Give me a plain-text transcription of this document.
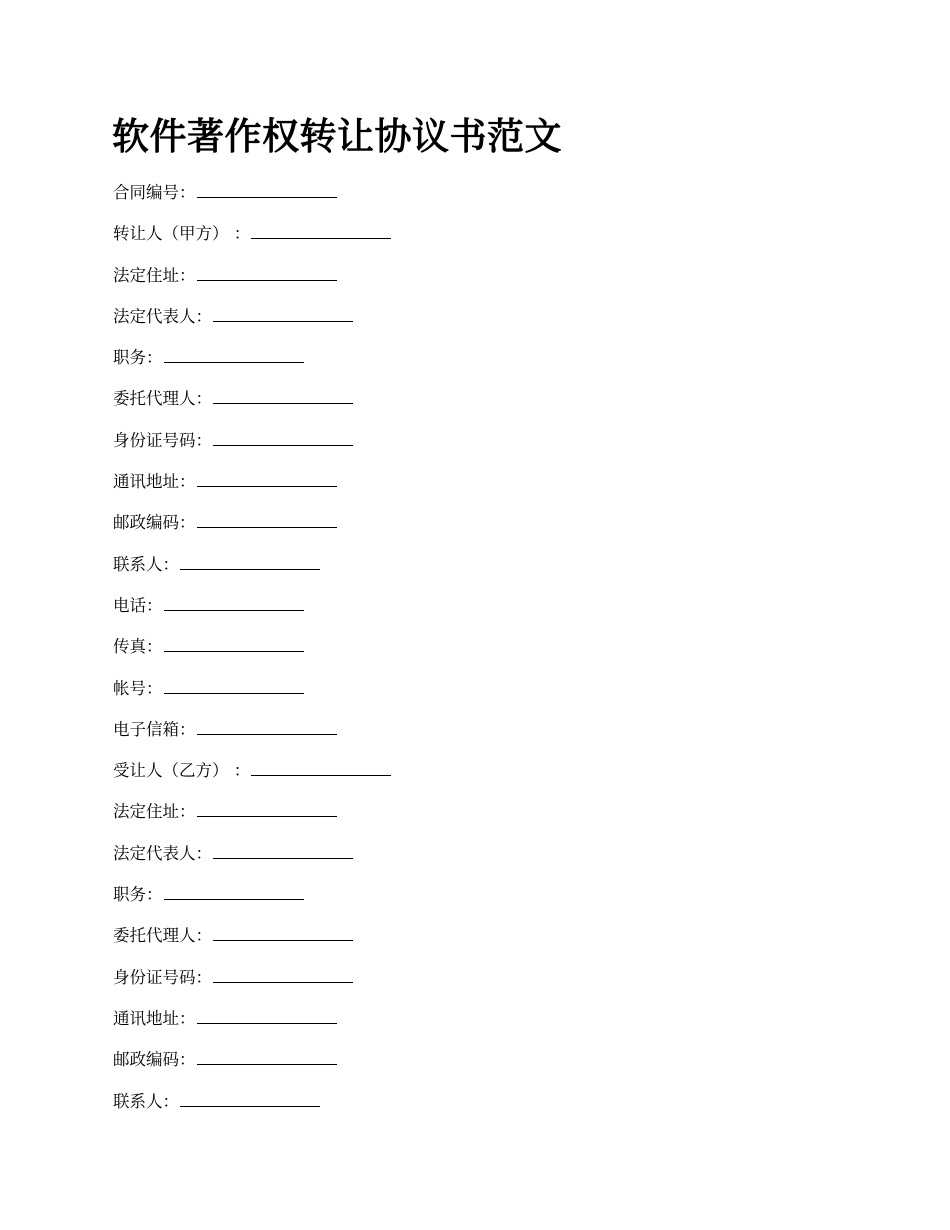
软件著作权转让协议书范文
合同编号：
转让人（甲方） ：
法定住址：
法定代表人：
职务：
委托代理人：
身份证号码：
通讯地址：
邮政编码：
联系人：
电话：
传真：
帐号：
电子信箱：
受让人（乙方） ：
法定住址：
法定代表人：
职务：
委托代理人：
身份证号码：
通讯地址：
邮政编码：
联系人：
